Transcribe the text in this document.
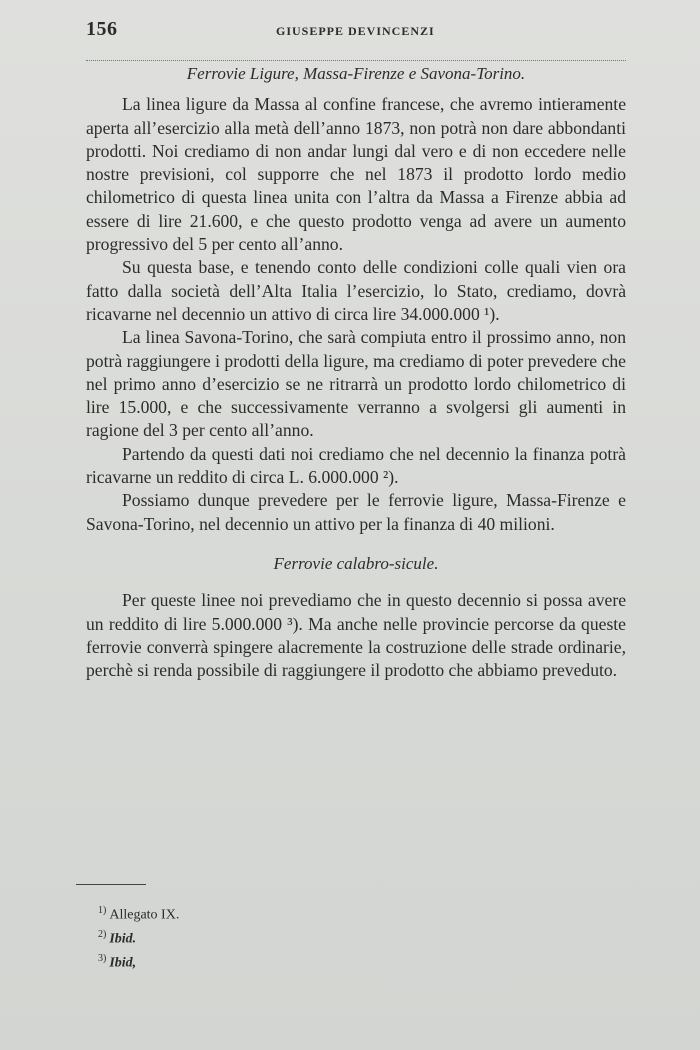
156	GIUSEPPE DEVINCENZI
Ferrovie Ligure, Massa-Firenze e Savona-Torino.

La linea ligure da Massa al confine francese, che avremo intieramente aperta all’esercizio alla metà dell’anno 1873, non potrà non dare abbondanti prodotti. Noi crediamo di non andar lungi dal vero e di non eccedere nelle nostre previsioni, col supporre che nel 1873 il prodotto lordo medio chilometrico di questa linea unita con l’altra da Massa a Firenze abbia ad essere di lire 21.600, e che questo prodotto venga ad avere un aumento progressivo del 5 per cento all’anno.

Su questa base, e tenendo conto delle condizioni colle quali vien ora fatto dalla società dell’Alta Italia l’esercizio, lo Stato, crediamo, dovrà ricavarne nel decennio un attivo di circa lire 34.000.000 ¹).

La linea Savona-Torino, che sarà compiuta entro il prossimo anno, non potrà raggiungere i prodotti della ligure, ma crediamo di poter prevedere che nel primo anno d’esercizio se ne ritrarrà un prodotto lordo chilometrico di lire 15.000, e che successivamente verranno a svolgersi gli aumenti in ragione del 3 per cento all’anno.

Partendo da questi dati noi crediamo che nel decennio la finanza potrà ricavarne un reddito di circa L. 6.000.000 ²).

Possiamo dunque prevedere per le ferrovie ligure, Massa-Firenze e Savona-Torino, nel decennio un attivo per la finanza di 40 milioni.

Ferrovie calabro-sicule.

Per queste linee noi prevediamo che in questo decennio si possa avere un reddito di lire 5.000.000 ³). Ma anche nelle provincie percorse da queste ferrovie converrà spingere alacremente la costruzione delle strade ordinarie, perchè si renda possibile di raggiungere il prodotto che abbiamo preveduto.

$^{1)}$ Allegato IX.

$^{2)}$ Ibid.

$^{3)}$ Ibid,
